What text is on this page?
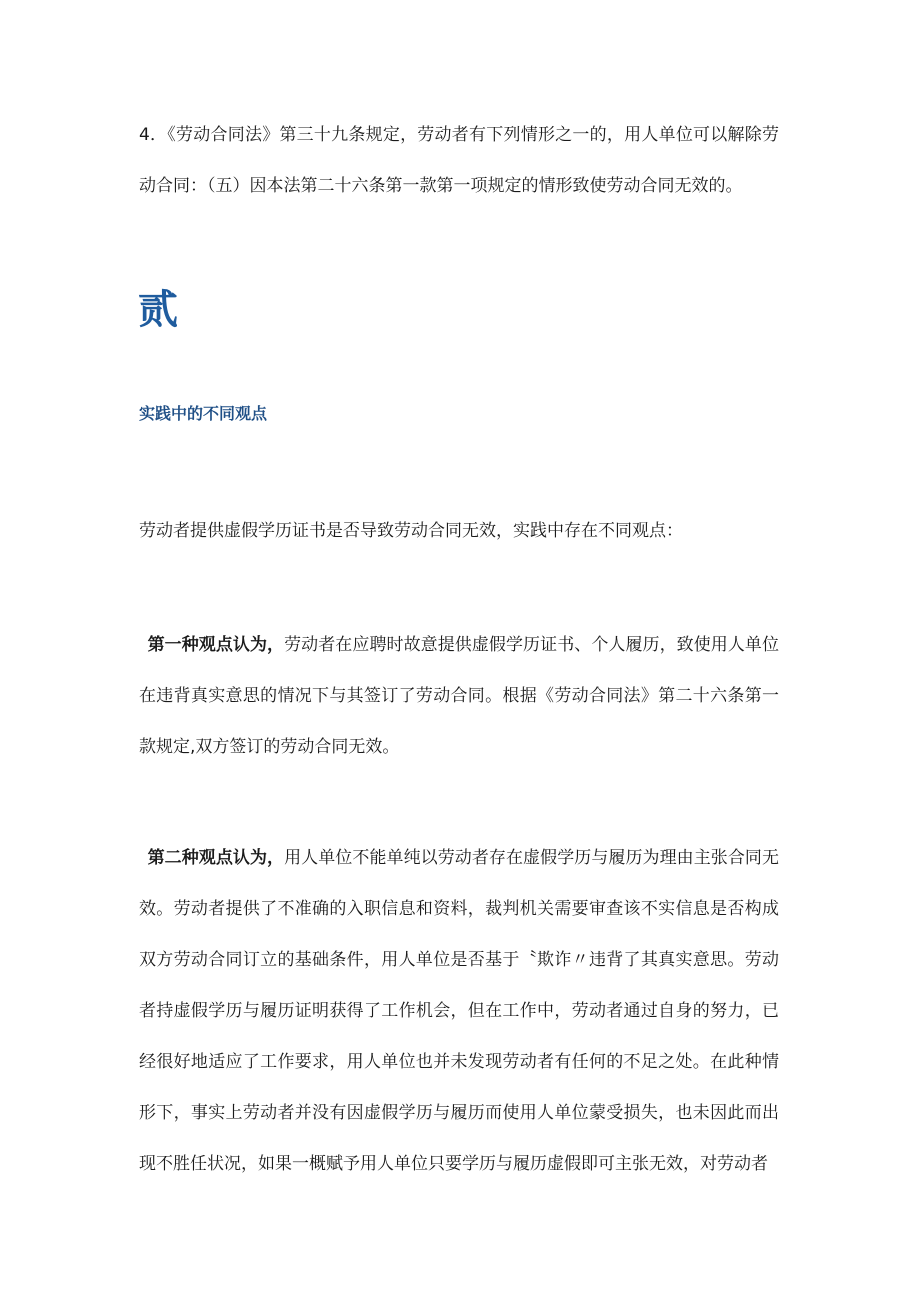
4．《劳动合同法》第三十九条规定，劳动者有下列情形之一的，用人单位可以解除劳动合同：（五）因本法第二十六条第一款第一项规定的情形致使劳动合同无效的。

贰
实践中的不同观点

劳动者提供虚假学历证书是否导致劳动合同无效，实践中存在不同观点：

 第一种观点认为，劳动者在应聘时故意提供虚假学历证书、个人履历，致使用人单位在违背真实意思的情况下与其签订了劳动合同。根据《劳动合同法》第二十六条第一款规定,双方签订的劳动合同无效。

 第二种观点认为，用人单位不能单纯以劳动者存在虚假学历与履历为理由主张合同无效。劳动者提供了不准确的入职信息和资料，裁判机关需要审查该不实信息是否构成双方劳动合同订立的基础条件，用人单位是否基于〝欺诈〃违背了其真实意思。劳动者持虚假学历与履历证明获得了工作机会，但在工作中，劳动者通过自身的努力，已经很好地适应了工作要求，用人单位也并未发现劳动者有任何的不足之处。在此种情形下，事实上劳动者并没有因虚假学历与履历而使用人单位蒙受损失，也未因此而出现不胜任状况，如果一概赋予用人单位只要学历与履历虚假即可主张无效，对劳动者
